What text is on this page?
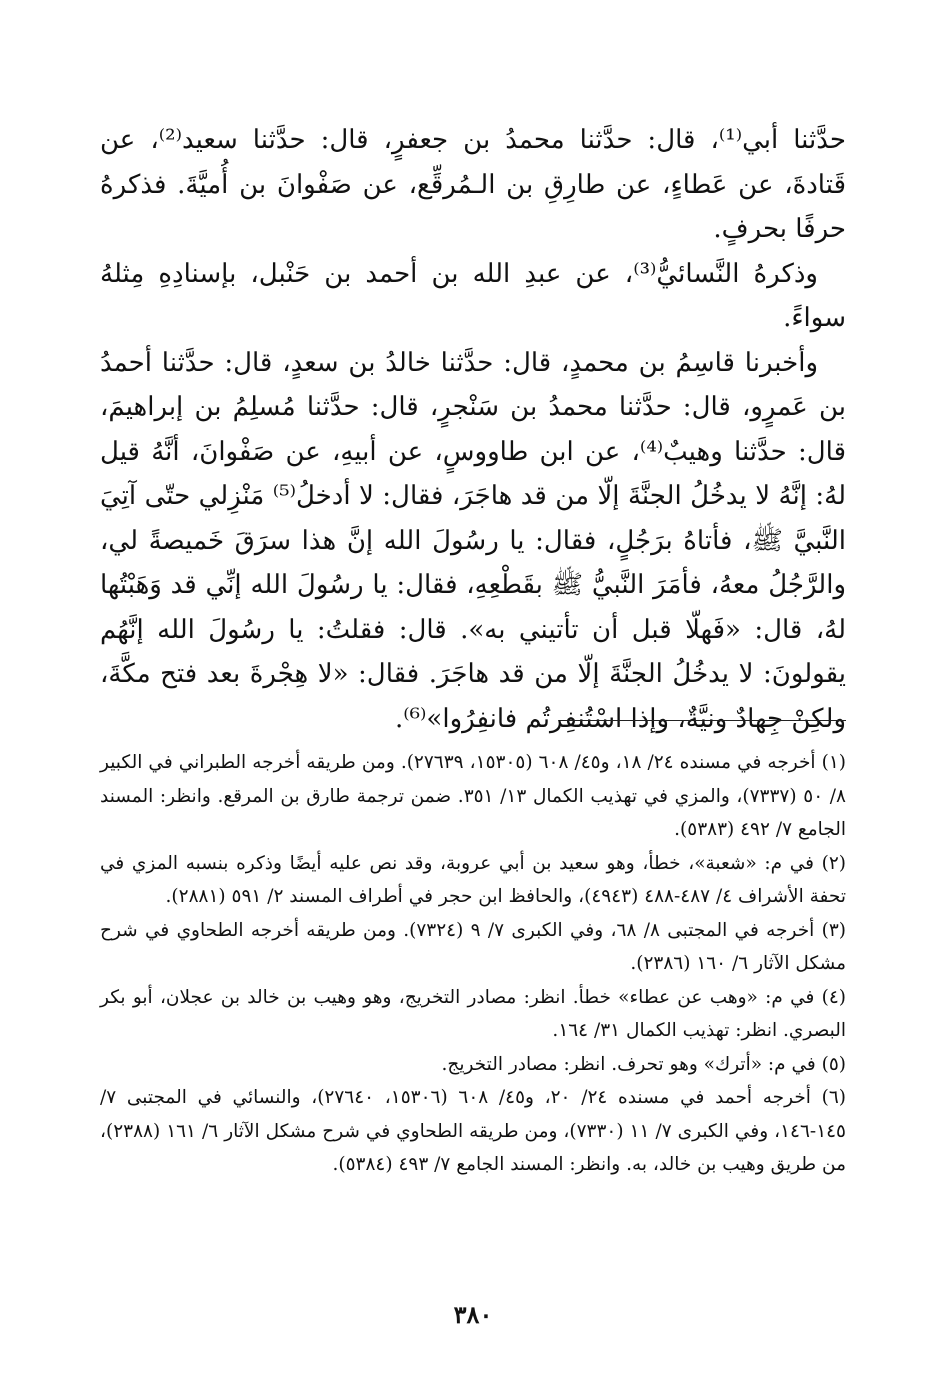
حدَّثنا أبي⁽¹⁾، قال: حدَّثنا محمدُ بن جعفرٍ، قال: حدَّثنا سعيد⁽²⁾، عن قَتادةَ، عن عَطاءٍ، عن طارِقِ بن الـمُرقِّع، عن صَفْوانَ بن أُميَّةَ. فذكرهُ حرفًا بحرفٍ.

وذكرهُ النَّسائيُّ⁽³⁾، عن عبدِ الله بن أحمد بن حَنْبل، بإسنادِهِ مِثلهُ سواءً.

وأخبرنا قاسِمُ بن محمدٍ، قال: حدَّثنا خالدُ بن سعدٍ، قال: حدَّثنا أحمدُ بن عَمرٍو، قال: حدَّثنا محمدُ بن سَنْجرٍ، قال: حدَّثنا مُسلِمُ بن إبراهيمَ، قال: حدَّثنا وهيبٌ⁽⁴⁾، عن ابن طاووسٍ، عن أبيهِ، عن صَفْوانَ، أنَّهُ قيل لهُ: إنَّهُ لا يدخُلُ الجنَّةَ إلّا من قد هاجَرَ، فقال: لا أدخلُ⁽⁵⁾ مَنْزِلي حتّى آتِيَ النَّبيَّ ﷺ، فأتاهُ برَجُلٍ، فقال: يا رسُولَ الله إنَّ هذا سرَقَ خَميصةً لي، والرَّجُلُ معهُ، فأمَرَ النَّبيُّ ﷺ بقَطْعِهِ، فقال: يا رسُولَ الله إنِّي قد وَهَبْتُها لهُ، قال: «فَهلّا قبل أن تأتيني به». قال: فقلتُ: يا رسُولَ الله إنَّهُم يقولونَ: لا يدخُلُ الجنَّةَ إلّا من قد هاجَرَ. فقال: «لا هِجْرةَ بعد فتح مكَّةَ، ولكِنْ جِهادٌ ونيَّةٌ، وإذا اسْتُنفِرتُم فانفِرُوا»⁽⁶⁾.

(١) أخرجه في مسنده ٢٤/ ١٨، و٤٥/ ٦٠٨ (١٥٣٠٥، ٢٧٦٣٩). ومن طريقه أخرجه الطبراني في الكبير ٨/ ٥٠ (٧٣٣٧)، والمزي في تهذيب الكمال ١٣/ ٣٥١. ضمن ترجمة طارق بن المرقع. وانظر: المسند الجامع ٧/ ٤٩٢ (٥٣٨٣).

(٢) في م: «شعبة»، خطأ، وهو سعيد بن أبي عروبة، وقد نص عليه أيضًا وذكره بنسبه المزي في تحفة الأشراف ٤/ ٤٨٧-٤٨٨ (٤٩٤٣)، والحافظ ابن حجر في أطراف المسند ٢/ ٥٩١ (٢٨٨١).

(٣) أخرجه في المجتبى ٨/ ٦٨، وفي الكبرى ٧/ ٩ (٧٣٢٤). ومن طريقه أخرجه الطحاوي في شرح مشكل الآثار ٦/ ١٦٠ (٢٣٨٦).

(٤) في م: «وهب عن عطاء» خطأ. انظر: مصادر التخريج، وهو وهيب بن خالد بن عجلان، أبو بكر البصري. انظر: تهذيب الكمال ٣١/ ١٦٤.

(٥) في م: «أترك» وهو تحرف. انظر: مصادر التخريج.

(٦) أخرجه أحمد في مسنده ٢٤/ ٢٠، و٤٥/ ٦٠٨ (١٥٣٠٦، ٢٧٦٤٠)، والنسائي في المجتبى ٧/ ١٤٥-١٤٦، وفي الكبرى ٧/ ١١ (٧٣٣٠)، ومن طريقه الطحاوي في شرح مشكل الآثار ٦/ ١٦١ (٢٣٨٨)، من طريق وهيب بن خالد، به. وانظر: المسند الجامع ٧/ ٤٩٣ (٥٣٨٤).

٣٨٠
